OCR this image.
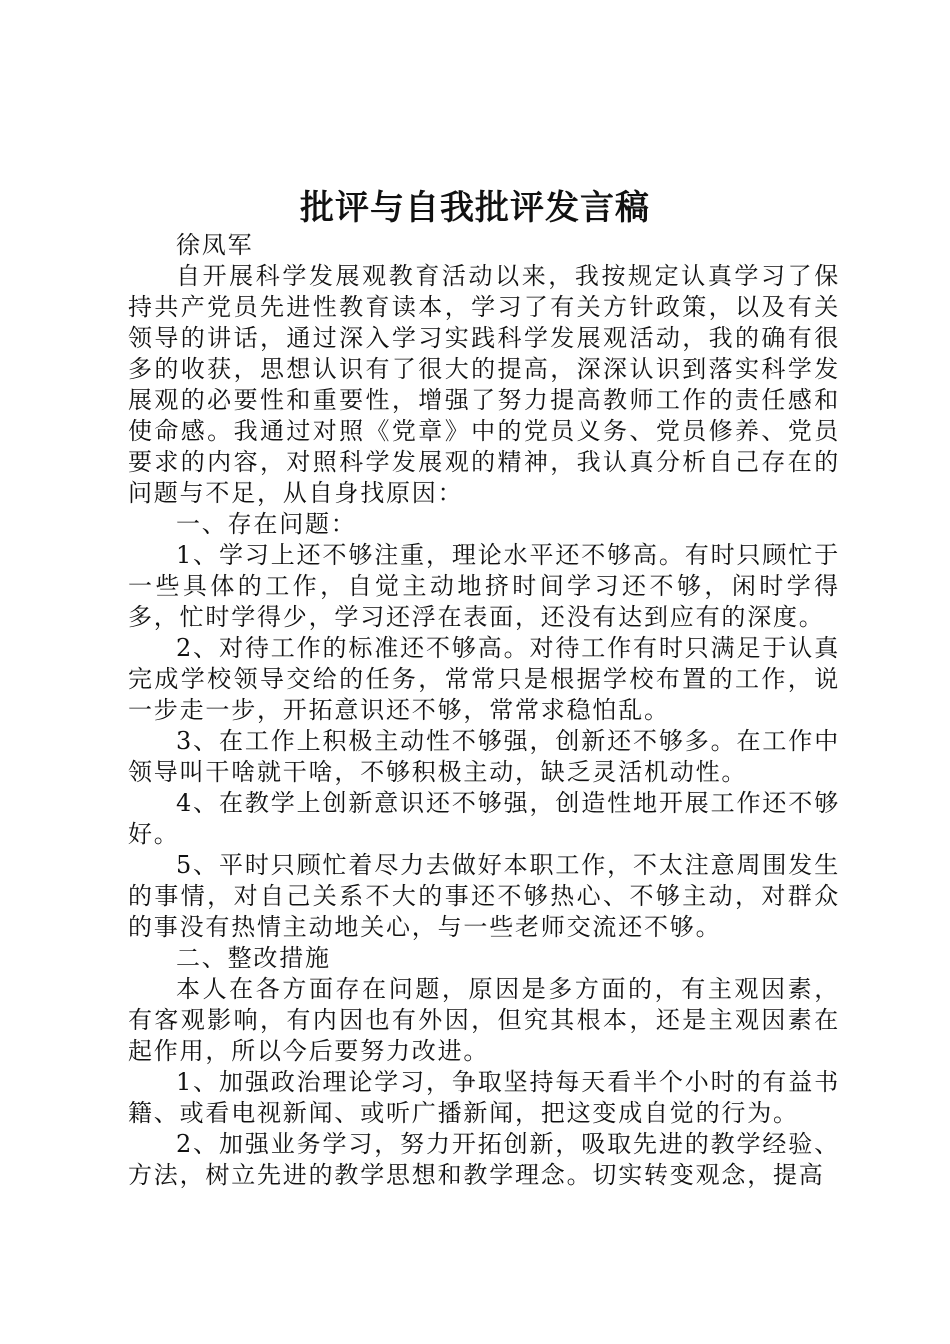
批评与自我批评发言稿

徐凤军

自开展科学发展观教育活动以来，我按规定认真学习了保持共产党员先进性教育读本，学习了有关方针政策，以及有关领导的讲话，通过深入学习实践科学发展观活动，我的确有很多的收获，思想认识有了很大的提高，深深认识到落实科学发展观的必要性和重要性，增强了努力提高教师工作的责任感和使命感。我通过对照《党章》中的党员义务、党员修养、党员要求的内容，对照科学发展观的精神，我认真分析自己存在的问题与不足，从自身找原因：

一、存在问题：

1、学习上还不够注重，理论水平还不够高。有时只顾忙于一些具体的工作，自觉主动地挤时间学习还不够，闲时学得多，忙时学得少，学习还浮在表面，还没有达到应有的深度。

2、对待工作的标准还不够高。对待工作有时只满足于认真完成学校领导交给的任务，常常只是根据学校布置的工作，说一步走一步，开拓意识还不够，常常求稳怕乱。

3、在工作上积极主动性不够强，创新还不够多。在工作中领导叫干啥就干啥，不够积极主动，缺乏灵活机动性。

4、在教学上创新意识还不够强，创造性地开展工作还不够好。

5、平时只顾忙着尽力去做好本职工作，不太注意周围发生的事情，对自己关系不大的事还不够热心、不够主动，对群众的事没有热情主动地关心，与一些老师交流还不够。

二、整改措施

本人在各方面存在问题，原因是多方面的，有主观因素，有客观影响，有内因也有外因，但究其根本，还是主观因素在起作用，所以今后要努力改进。

1、加强政治理论学习，争取坚持每天看半个小时的有益书籍、或看电视新闻、或听广播新闻，把这变成自觉的行为。

2、加强业务学习，努力开拓创新，吸取先进的教学经验、方法，树立先进的教学思想和教学理念。切实转变观念，提高
